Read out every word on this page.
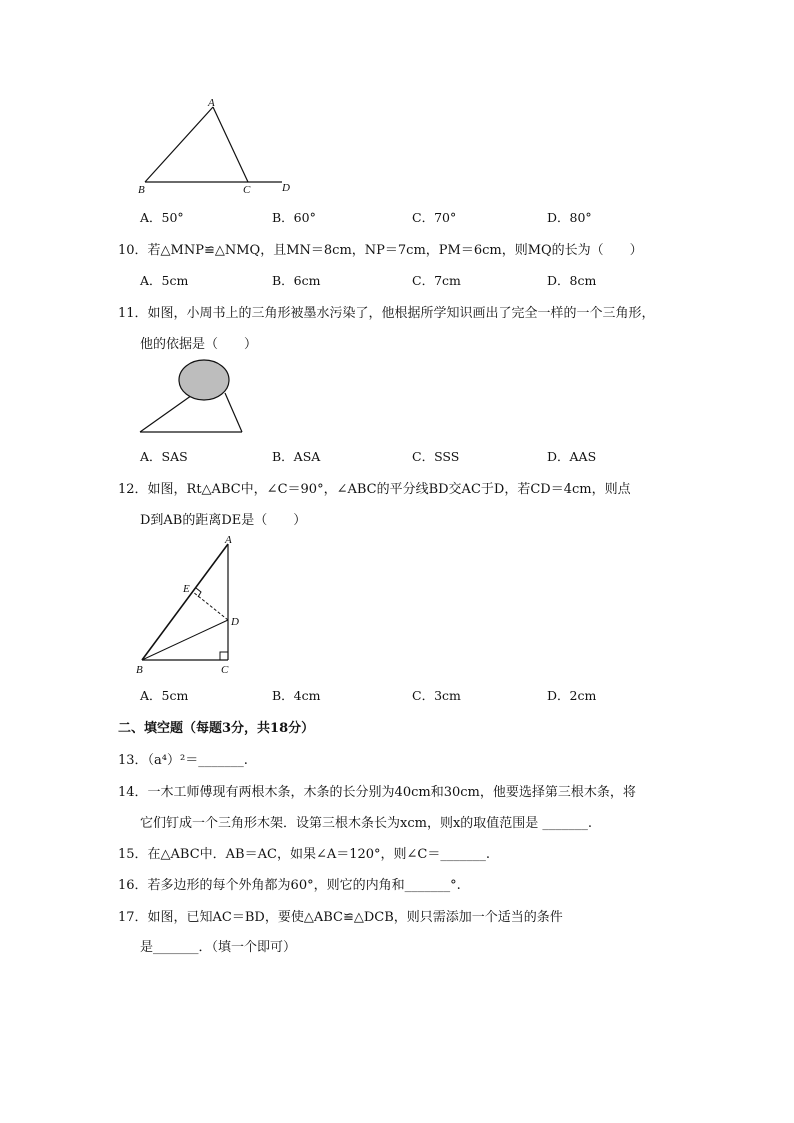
A
B	C	D
A．50°	B．60°	C．70°	D．80°
10．若△MNP≌△NMQ，且MN＝8cm，NP＝7cm，PM＝6cm，则MQ的长为（　　）
A．5cm	B．6cm	C．7cm	D．8cm
11．如图，小周书上的三角形被墨水污染了，他根据所学知识画出了完全一样的一个三角形，
他的依据是（　　）
A．SAS	B．ASA	C．SSS	D．AAS
12．如图，Rt△ABC中，∠C＝90°，∠ABC的平分线BD交AC于D，若CD＝4cm，则点
D到AB的距离DE是（　　）
A
E
D
B	C
A．5cm	B．4cm	C．3cm	D．2cm
二、填空题（每题3分，共18分）
13．（a⁴）²＝_______.
14．一木工师傅现有两根木条，木条的长分别为40cm和30cm，他要选择第三根木条，将
它们钉成一个三角形木架．设第三根木条长为xcm，则x的取值范围是 _______.
15．在△ABC中．AB＝AC，如果∠A＝120°，则∠C＝_______.
16．若多边形的每个外角都为60°，则它的内角和_______°.
17．如图，已知AC＝BD，要使△ABC≌△DCB，则只需添加一个适当的条件
是_______．（填一个即可）
